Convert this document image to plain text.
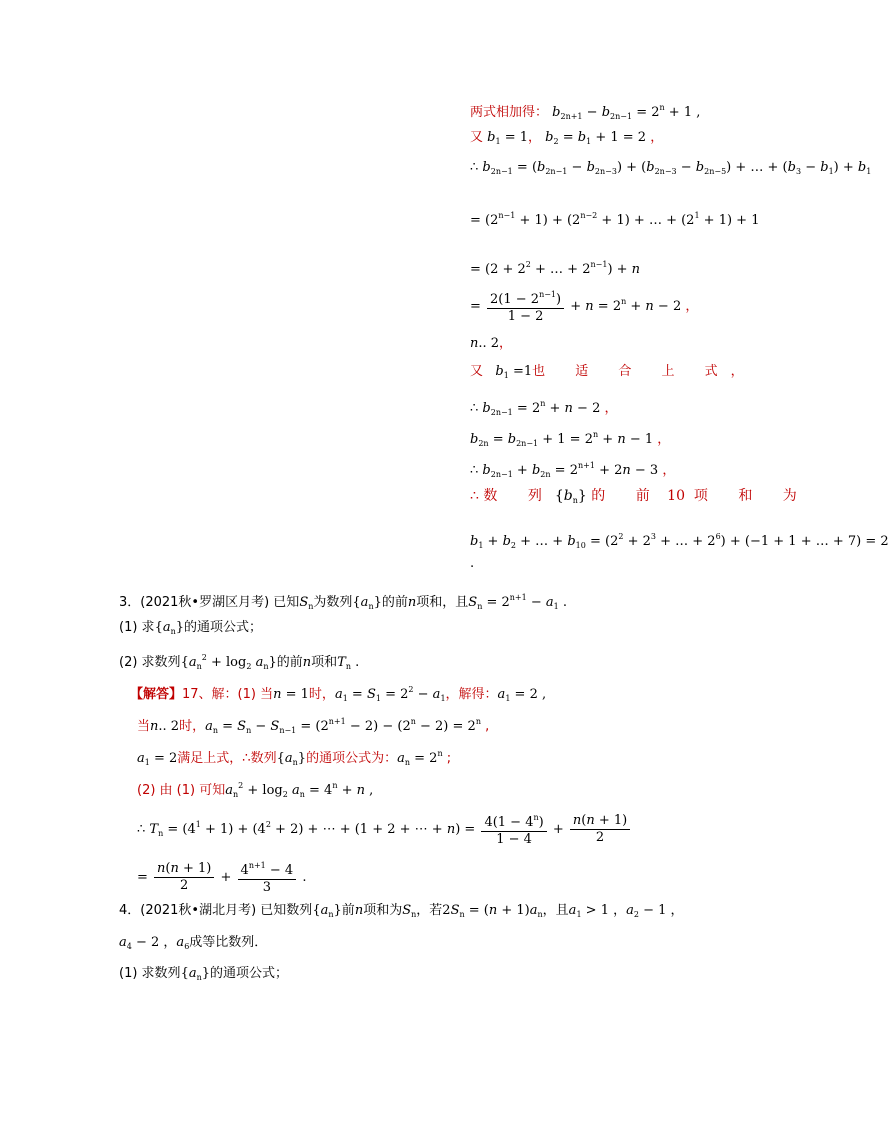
两式相加得： $b_{2n+1} - b_{2n-1} = 2^n + 1$ ,
又 $b_1 = 1$， $b_2 = b_1 + 1 = 2$ ，
∴ $b_{2n-1} = (b_{2n-1} - b_{2n-3}) + (b_{2n-3} - b_{2n-5})$ + … + $(b_3 - b_1) + b_1$
= $(2^{n-1} + 1) + (2^{n-2} + 1)$ + … + $(2^1 + 1) + 1$
= ($2 + 2^2$ + … + $2^{n-1}) + n$
= $\frac{2(1 - 2^{n-1})}{1 - 2} + n = 2^n + n - 2$ ，
n.. 2，
又 $b_1 =1$也 适 合 上 式，
∴ $b_{2n-1} = 2^n + n - 2$ ，
$b_{2n} = b_{2n-1} + 1 = 2^n + n - 1$ ，
∴ $b_{2n-1} + b_{2n} = 2^{n+1} + 2n - 3$ ，
∴ 数 列$\{b_n\}$ 的 前 10 项 和 为
$b_1 + b_2$ + … + $b_{10} = (2^2 + 2^3$ + … + $2^6) + (-1 + 1$ + … + 7) = 2
.
3．(2021秋•罗湖区月考) 已知$S_n$为数列$\{a_n\}$的前n项和，且$S_n = 2^{n+1} - a_1$ .
(1) 求$\{a_n\}$的通项公式；
(2) 求数列$\{a_n^2 + \log_2 a_n\}$的前n项和$T_n$ .
【解答】17、解：(1) 当n = 1时，$a_1 = S_1 = 2^2 - a_1$，解得：$a_1 = 2$ ,
当n.. 2时，$a_n = S_n - S_{n-1} = (2^{n+1} - 2) - (2^n - 2) = 2^n$ ,
$a_1 = 2$满足上式，∴数列$\{a_n\}$的通项公式为：$a_n = 2^n$ ;
(2) 由 (1) 可知$a_n^2 + \log_2 a_n = 4^n + n$ ,
∴ $T_n = (4^1 + 1) + (4^2 + 2)$ + ⋯ + (1 + 2 + ⋯ + $n) = \frac{4(1 - 4^n)}{1 - 4} + \frac{n(n + 1)}{2}$
= $\frac{n(n + 1)}{2} + \frac{4^{n+1} - 4}{3}$ .
4．(2021秋•湖北月考) 已知数列$\{a_n\}$前n项和为$S_n$，若$2S_n = (n + 1)a_n$，且$a_1 > 1$ ，$a_2 - 1$ ，
$a_4 - 2$ ，$a_6$成等比数列．
(1) 求数列$\{a_n\}$的通项公式；
